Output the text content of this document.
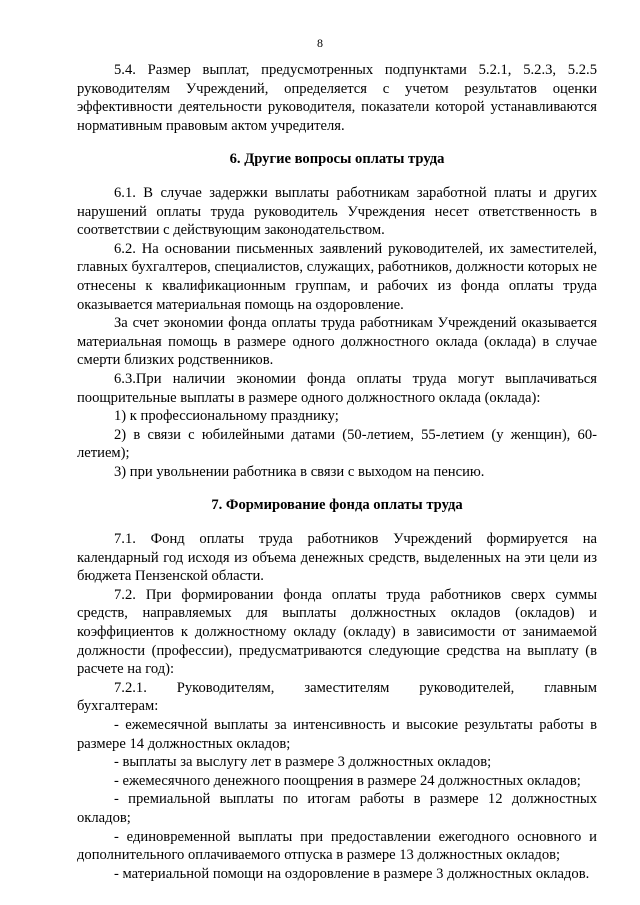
8

5.4. Размер выплат, предусмотренных подпунктами 5.2.1, 5.2.3, 5.2.5 руководителям Учреждений, определяется с учетом результатов оценки эффективности деятельности руководителя, показатели которой устанавливаются нормативным правовым актом учредителя.

6. Другие вопросы оплаты труда

6.1. В случае задержки выплаты работникам заработной платы и других нарушений оплаты труда руководитель Учреждения несет ответственность в соответствии с действующим законодательством.

6.2. На основании письменных заявлений руководителей, их заместителей, главных бухгалтеров, специалистов, служащих, работников, должности которых не отнесены к квалификационным группам, и рабочих из фонда оплаты труда оказывается материальная помощь на оздоровление.

За счет экономии фонда оплаты труда работникам Учреждений оказывается материальная помощь в размере одного должностного оклада (оклада) в случае смерти близких родственников.

6.3.При наличии экономии фонда оплаты труда могут выплачиваться поощрительные выплаты в размере одного должностного оклада (оклада):

1) к профессиональному празднику;

2) в связи с юбилейными датами (50-летием, 55-летием (у женщин), 60-летием);

3) при увольнении работника в связи с выходом на пенсию.

7. Формирование фонда оплаты труда

7.1. Фонд оплаты труда работников Учреждений формируется на календарный год исходя из объема денежных средств, выделенных на эти цели из бюджета Пензенской области.

7.2. При формировании фонда оплаты труда работников сверх суммы средств, направляемых для выплаты должностных окладов (окладов) и коэффициентов к должностному окладу (окладу) в зависимости от занимаемой должности (профессии), предусматриваются следующие средства на выплату (в расчете на год):

7.2.1. Руководителям, заместителям руководителей, главным

бухгалтерам:

- ежемесячной выплаты за интенсивность и высокие результаты работы в размере 14 должностных окладов;

- выплаты за выслугу лет в размере 3 должностных окладов;

- ежемесячного денежного поощрения в размере 24 должностных окладов;

- премиальной выплаты по итогам работы в размере 12 должностных окладов;

- единовременной выплаты при предоставлении ежегодного основного и дополнительного оплачиваемого отпуска в размере 13 должностных окладов;

- материальной помощи на оздоровление в размере 3 должностных окладов.
